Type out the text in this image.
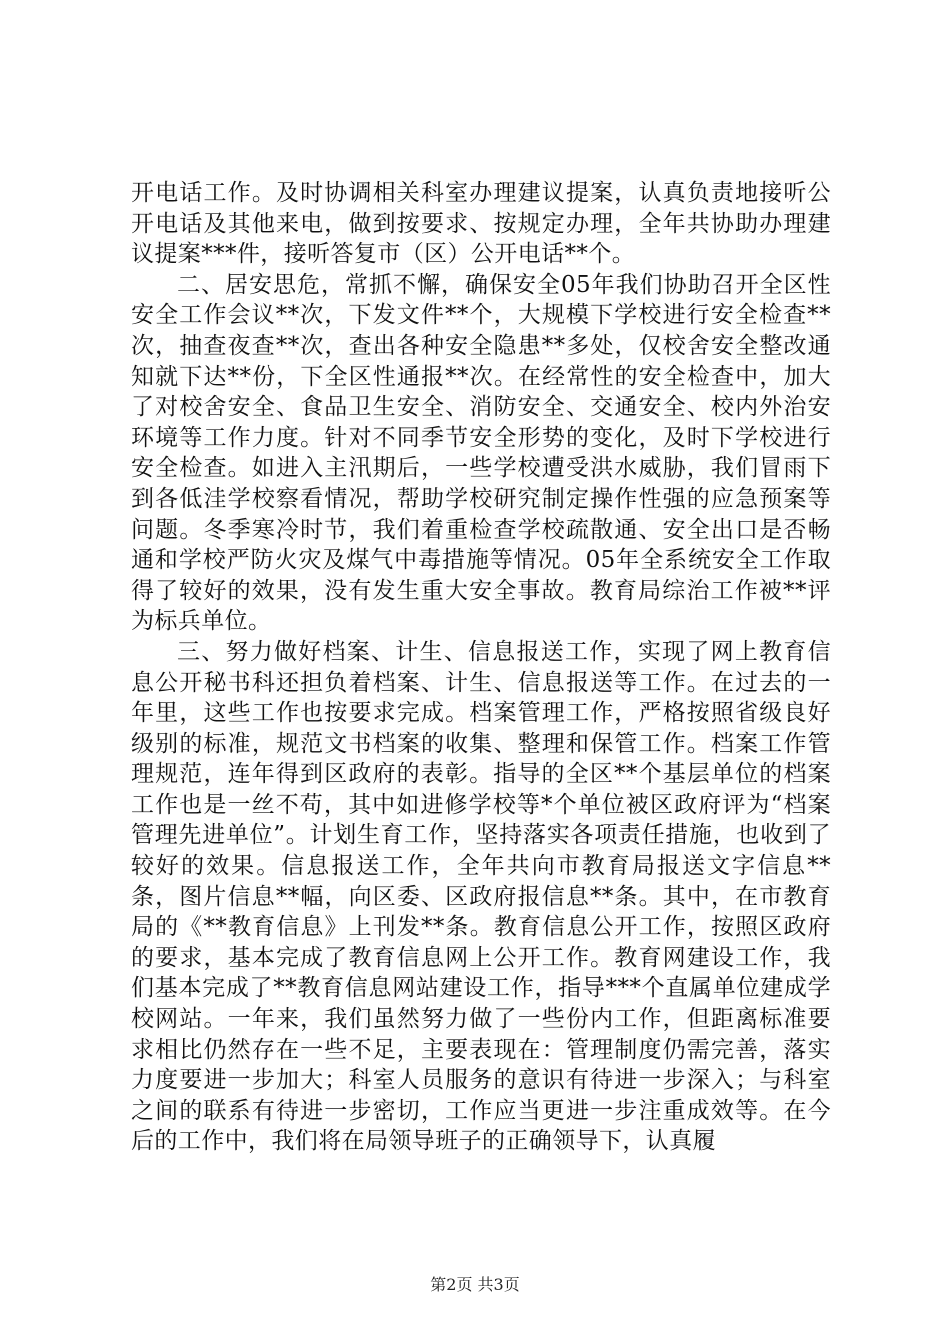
开电话工作。及时协调相关科室办理建议提案，认真负责地接听公开电话及其他来电，做到按要求、按规定办理，全年共协助办理建议提案***件，接听答复市（区）公开电话**个。

二、居安思危，常抓不懈，确保安全05年我们协助召开全区性安全工作会议**次，下发文件**个，大规模下学校进行安全检查**次，抽查夜查**次，查出各种安全隐患**多处，仅校舍安全整改通知就下达**份，下全区性通报**次。在经常性的安全检查中，加大了对校舍安全、食品卫生安全、消防安全、交通安全、校内外治安环境等工作力度。针对不同季节安全形势的变化，及时下学校进行安全检查。如进入主汛期后，一些学校遭受洪水威胁，我们冒雨下到各低洼学校察看情况，帮助学校研究制定操作性强的应急预案等问题。冬季寒冷时节，我们着重检查学校疏散通、安全出口是否畅通和学校严防火灾及煤气中毒措施等情况。05年全系统安全工作取得了较好的效果，没有发生重大安全事故。教育局综治工作被**评为标兵单位。

三、努力做好档案、计生、信息报送工作，实现了网上教育信息公开秘书科还担负着档案、计生、信息报送等工作。在过去的一年里，这些工作也按要求完成。档案管理工作，严格按照省级良好级别的标准，规范文书档案的收集、整理和保管工作。档案工作管理规范，连年得到区政府的表彰。指导的全区**个基层单位的档案工作也是一丝不苟，其中如进修学校等*个单位被区政府评为“档案管理先进单位”。计划生育工作，坚持落实各项责任措施，也收到了较好的效果。信息报送工作，全年共向市教育局报送文字信息**条，图片信息**幅，向区委、区政府报信息**条。其中，在市教育局的《**教育信息》上刊发**条。教育信息公开工作，按照区政府的要求，基本完成了教育信息网上公开工作。教育网建设工作，我们基本完成了**教育信息网站建设工作，指导***个直属单位建成学校网站。一年来，我们虽然努力做了一些份内工作，但距离标准要求相比仍然存在一些不足，主要表现在：管理制度仍需完善，落实力度要进一步加大；科室人员服务的意识有待进一步深入；与科室之间的联系有待进一步密切，工作应当更进一步注重成效等。在今后的工作中，我们将在局领导班子的正确领导下，认真履

第2页 共3页
